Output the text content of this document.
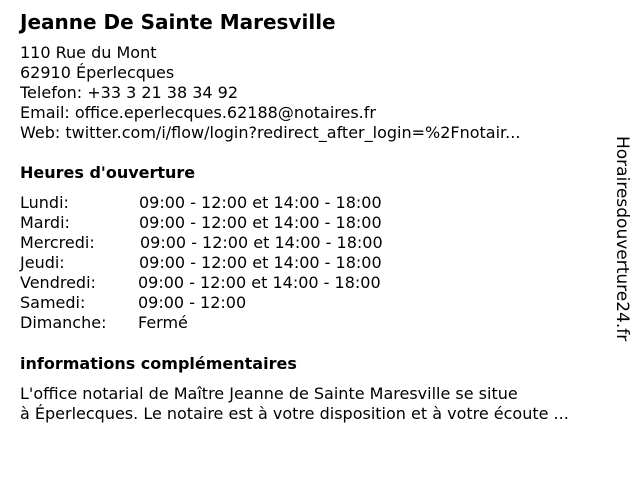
Jeanne De Sainte Maresville
110 Rue du Mont
62910 Éperlecques
Telefon: +33 3 21 38 34 92
Email: office.eperlecques.62188@notaires.fr
Web: twitter.com/i/flow/login?redirect_after_login=%2Fnotair...
Heures d'ouverture
Lundi:	09:00 - 12:00 et 14:00 - 18:00
Mardi:	09:00 - 12:00 et 14:00 - 18:00
Mercredi:	09:00 - 12:00 et 14:00 - 18:00
Jeudi:	09:00 - 12:00 et 14:00 - 18:00
Vendredi:	09:00 - 12:00 et 14:00 - 18:00
Samedi:	09:00 - 12:00
Dimanche: Fermé
informations complémentaires
L'office notarial de Maître Jeanne de Sainte Maresville se situe
à Éperlecques. Le notaire est à votre disposition et à votre écoute ...
Horairesdouverture24.fr
